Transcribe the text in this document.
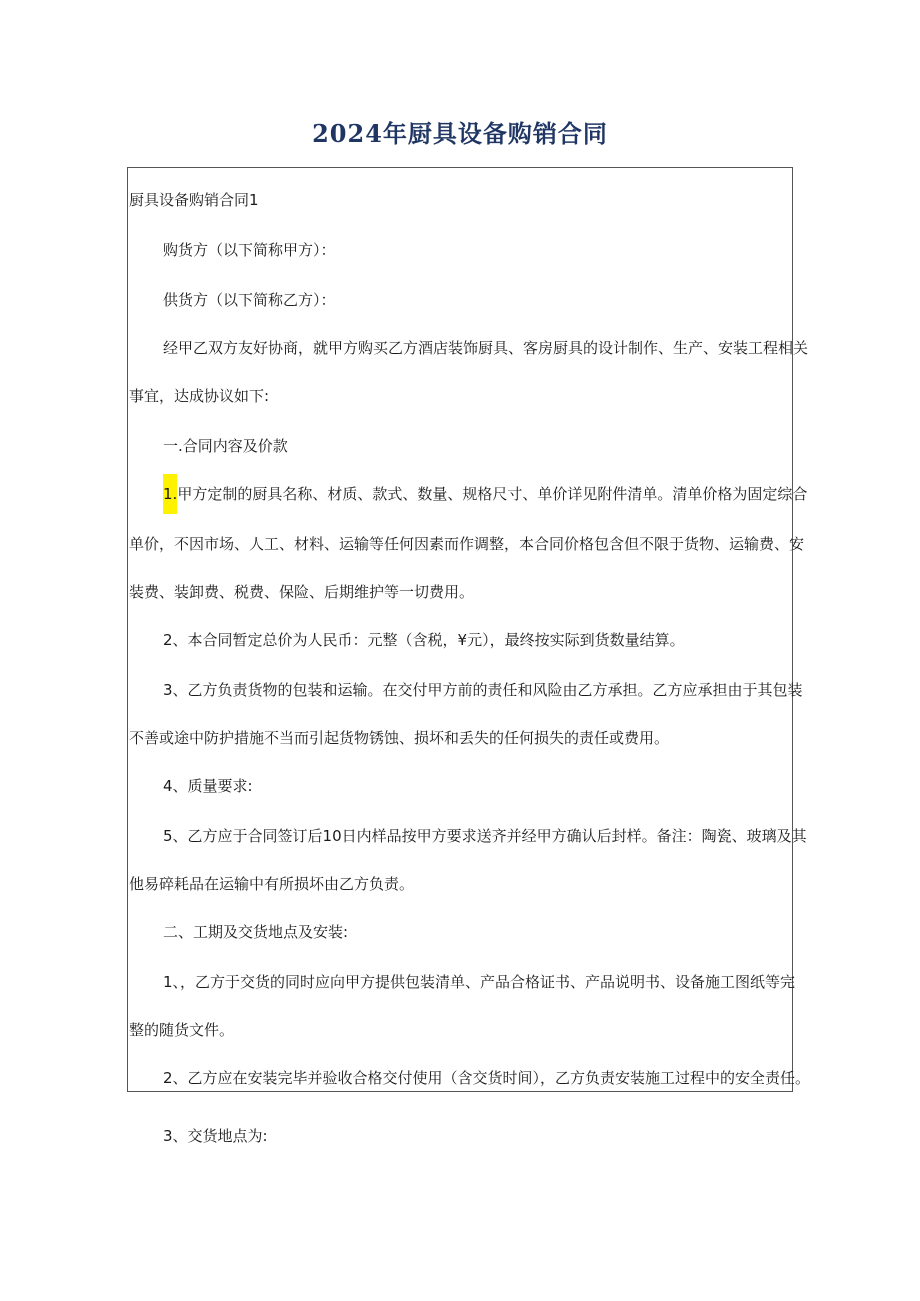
2024年厨具设备购销合同
厨具设备购销合同1
购货方（以下简称甲方）：
供货方（以下简称乙方）：
经甲乙双方友好协商，就甲方购买乙方酒店装饰厨具、客房厨具的设计制作、生产、安装工程相关
事宜，达成协议如下:
一.合同内容及价款
1.甲方定制的厨具名称、材质、款式、数量、规格尺寸、单价详见附件清单。清单价格为固定综合
单价，不因市场、人工、材料、运输等任何因素而作调整，本合同价格包含但不限于货物、运输费、安
装费、装卸费、税费、保险、后期维护等一切费用。
2、本合同暂定总价为人民币：元整（含税，¥元），最终按实际到货数量结算。
3、乙方负责货物的包装和运输。在交付甲方前的责任和风险由乙方承担。乙方应承担由于其包装
不善或途中防护措施不当而引起货物锈蚀、损坏和丢失的任何损失的责任或费用。
4、质量要求:
5、乙方应于合同签订后10日内样品按甲方要求送齐并经甲方确认后封样。备注：陶瓷、玻璃及其
他易碎耗品在运输中有所损坏由乙方负责。
二、工期及交货地点及安装:
1、，乙方于交货的同时应向甲方提供包装清单、产品合格证书、产品说明书、设备施工图纸等完
整的随货文件。
2、乙方应在安装完毕并验收合格交付使用（含交货时间），乙方负责安装施工过程中的安全责任。
3、交货地点为:
